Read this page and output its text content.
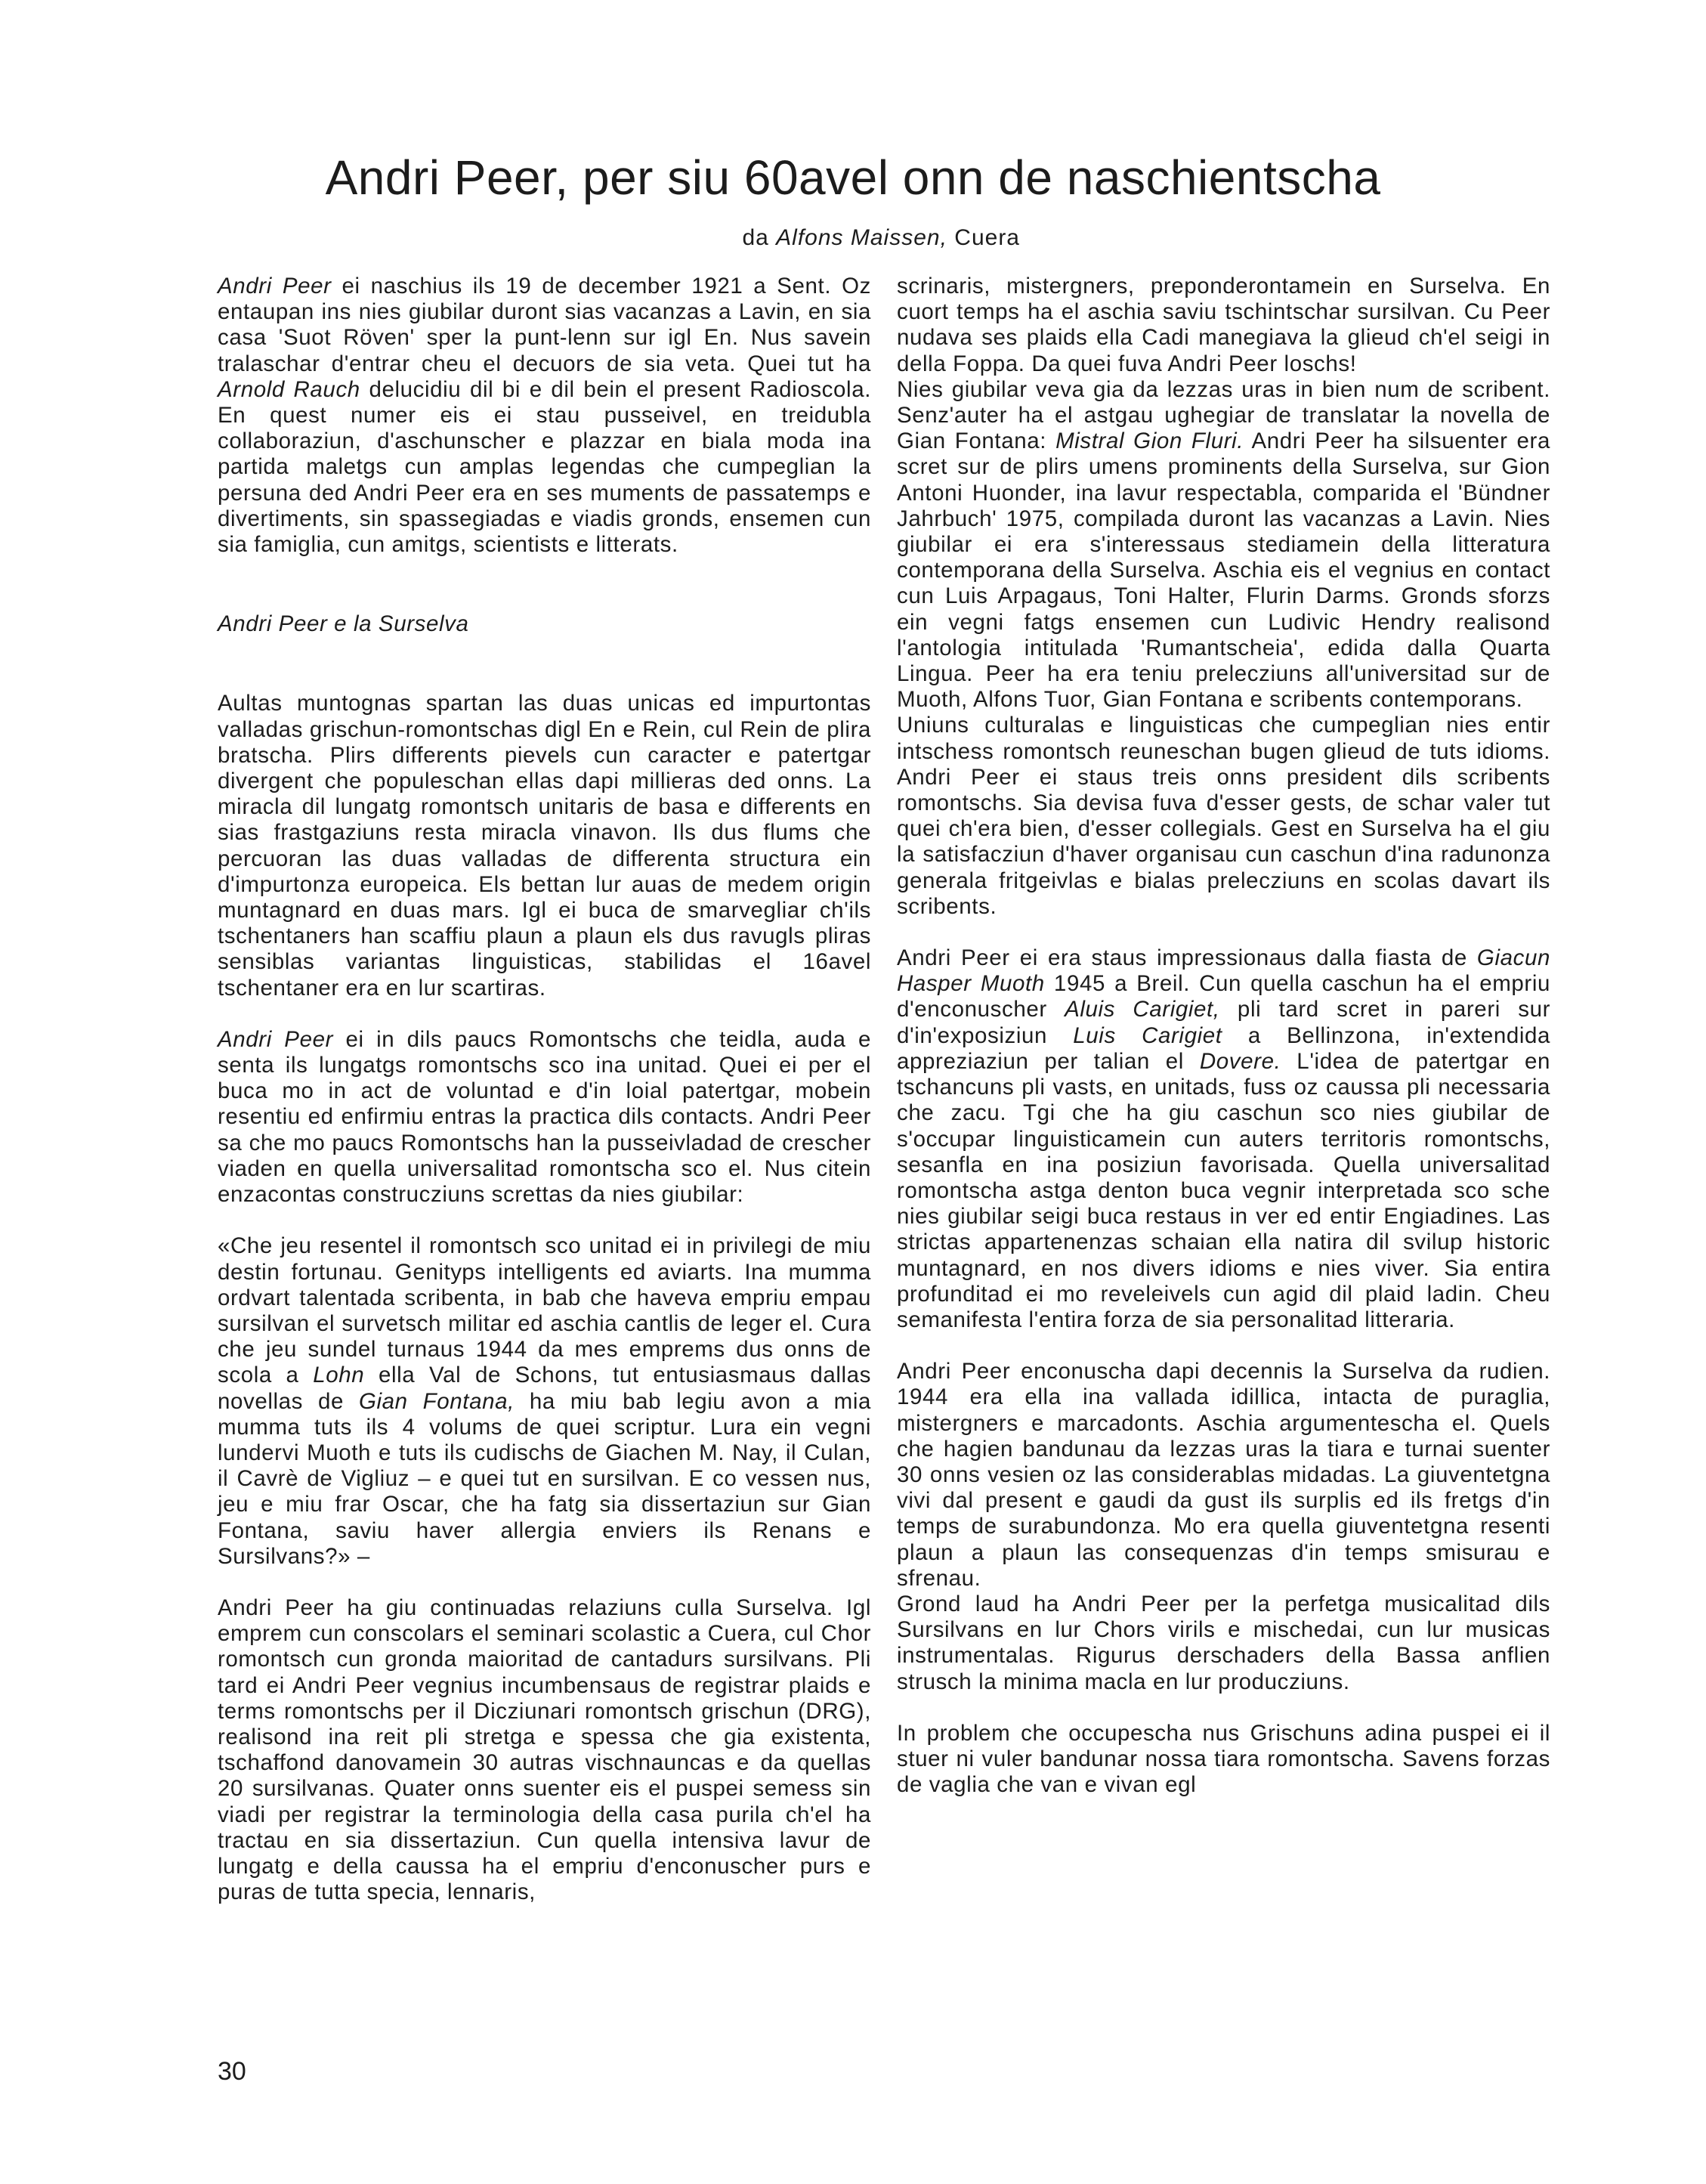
Andri Peer, per siu 60avel onn de naschientscha
da Alfons Maissen, Cuera

Andri Peer ei naschius ils 19 de december 1921 a Sent. Oz entaupan ins nies giubilar duront sias vacanzas a Lavin, en sia casa 'Suot Röven' sper la punt-lenn sur igl En. Nus savein tralaschar d'entrar cheu el decuors de sia veta. Quei tut ha Arnold Rauch delucidiu dil bi e dil bein el present Radioscola. En quest numer eis ei stau pusseivel, en treidubla collaboraziun, d'aschunscher e plazzar en biala moda ina partida maletgs cun amplas legendas che cumpeglian la persuna ded Andri Peer era en ses muments de passatemps e divertiments, sin spassegiadas e viadis gronds, ensemen cun sia famiglia, cun amitgs, scientists e litterats.

Andri Peer e la Surselva

Aultas muntognas spartan las duas unicas ed impurtontas valladas grischun-romontschas digl En e Rein, cul Rein de plira bratscha. Plirs differents pievels cun caracter e patertgar divergent che populeschan ellas dapi millieras ded onns. La miracla dil lungatg romontsch unitaris de basa e differents en sias frastgaziuns resta miracla vinavon. Ils dus flums che percuoran las duas valladas de differenta structura ein d'impurtonza europeica. Els bettan lur auas de medem origin muntagnard en duas mars. Igl ei buca de smarvegliar ch'ils tschentaners han scaffiu plaun a plaun els dus ravugls pliras sensiblas variantas linguisticas, stabilidas el 16avel tschentaner era en lur scartiras.

Andri Peer ei in dils paucs Romontschs che teidla, auda e senta ils lungatgs romontschs sco ina unitad. Quei ei per el buca mo in act de voluntad e d'in loial patertgar, mobein resentiu ed enfirmiu entras la practica dils contacts. Andri Peer sa che mo paucs Romontschs han la pusseivladad de crescher viaden en quella universalitad romontscha sco el. Nus citein enzacontas construcziuns screttas da nies giubilar:

«Che jeu resentel il romontsch sco unitad ei in privilegi de miu destin fortunau. Genitурs intelligents ed aviarts. Ina mumma ordvart talentada scribenta, in bab che haveva empriu empau sursilvan el survetsch militar ed aschia cantlis de leger el. Cura che jeu sundel turnaus 1944 da mes emprems dus onns de scola a Lohn ella Val de Schons, tut entusiasmaus dallas novellas de Gian Fontana, ha miu bab legiu avon a mia mumma tuts ils 4 volums de quei scriptur. Lura ein vegni lundervi Muoth e tuts ils cudischs de Giachen M. Nay, il Culan, il Cavrè de Vigliuz – e quei tut en sursilvan. E co vessen nus, jeu e miu frar Oscar, che ha fatg sia dissertaziun sur Gian Fontana, saviu haver allergia enviers ils Renans e Sursilvans?» –

Andri Peer ha giu continuadas relaziuns culla Surselva. Igl emprem cun conscolars el seminari scolastic a Cuera, cul Chor romontsch cun gronda maioritad de cantadurs sursilvans. Pli tard ei Andri Peer vegnius incumbensaus de registrar plaids e terms romontschs per il Dicziunari romontsch grischun (DRG), realisond ina reit pli stretga e spessa che gia existenta, tschaffond danovamein 30 autras vischnauncas e da quellas 20 sursilvanas. Quater onns suenter eis el puspei semess sin viadi per registrar la terminologia della casa purila ch'el ha tractau en sia dissertaziun. Cun quella intensiva lavur de lungatg e della caussa ha el empriu d'enconuscher purs e puras de tutta specia, lennaris,

scrinaris, mistergners, preponderontamein en Surselva. En cuort temps ha el aschia saviu tschintschar sursilvan. Cu Peer nudava ses plaids ella Cadi manegiava la glieud ch'el seigi in della Foppa. Da quei fuva Andri Peer loschs!

Nies giubilar veva gia da lezzas uras in bien num de scribent. Senz'auter ha el astgau ughegiar de translatar la novella de Gian Fontana: Mistral Gion Fluri. Andri Peer ha silsuenter era scret sur de plirs umens prominents della Surselva, sur Gion Antoni Huonder, ina lavur respectabla, comparida el 'Bündner Jahrbuch' 1975, compilada duront las vacanzas a Lavin. Nies giubilar ei era s'interessaus stediamein della litteratura contemporana della Surselva. Aschia eis el vegnius en contact cun Luis Arpagaus, Toni Halter, Flurin Darms. Gronds sforzs ein vegni fatgs ensemen cun Ludivic Hendry realisond l'antologia intitulada 'Rumantscheia', edida dalla Quarta Lingua. Peer ha era teniu prelecziuns all'universitad sur de Muoth, Alfons Tuor, Gian Fontana e scribents contemporans.

Uniuns culturalas e linguisticas che cumpeglian nies entir intschess romontsch reuneschan bugen glieud de tuts idioms. Andri Peer ei staus treis onns president dils scribents romontschs. Sia devisa fuva d'esser gests, de schar valer tut quei ch'era bien, d'esser collegials. Gest en Surselva ha el giu la satisfacziun d'haver organisau cun caschun d'ina radunonza generala fritgeivlas e bialas prelecziuns en scolas davart ils scribents.

Andri Peer ei era staus impressionaus dalla fiasta de Giacun Hasper Muoth 1945 a Breil. Cun quella caschun ha el empriu d'enconuscher Aluis Carigiet, pli tard scret in pareri sur d'in'exposiziun Luis Carigiet a Bellinzona, in'extendida appreziaziun per talian el Dovere. L'idea de patertgar en tschancuns pli vasts, en unitads, fuss oz caussa pli necessaria che zacu. Tgi che ha giu caschun sco nies giubilar de s'occupar linguisticamein cun auters territoris romontschs, sesanfla en ina posiziun favorisada. Quella universalitad romontscha astga denton buca vegnir interpretada sco sche nies giubilar seigi buca restaus in ver ed entir Engiadines. Las strictas appartenenzas schaian ella natira dil svilup historic muntagnard, en nos divers idioms e nies viver. Sia entira profunditad ei mo reveleivels cun agid dil plaid ladin. Cheu semanifesta l'entira forza de sia personalitad litteraria.

Andri Peer enconuscha dapi decennis la Surselva da rudien. 1944 era ella ina vallada idillica, intacta de puraglia, mistergners e marcadonts. Aschia argumentescha el. Quels che hagien bandunau da lezzas uras la tiara e turnai suenter 30 onns vesien oz las considerablas midadas. La giuventetgna vivi dal present e gaudi da gust ils surplis ed ils fretgs d'in temps de surabundonza. Mo era quella giuventetgna resenti plaun a plaun las consequenzas d'in temps smisurau e sfrenau.

Grond laud ha Andri Peer per la perfetga musicalitad dils Sursilvans en lur Chors virils e mischedai, cun lur musicas instrumentalas. Rigurus derschaders della Bassa anflien strusch la minima macla en lur producziuns.

In problem che occupescha nus Grischuns adina puspei ei il stuer ni vuler bandunar nossa tiara romontscha. Savens forzas de vaglia che van e vivan egl

30
